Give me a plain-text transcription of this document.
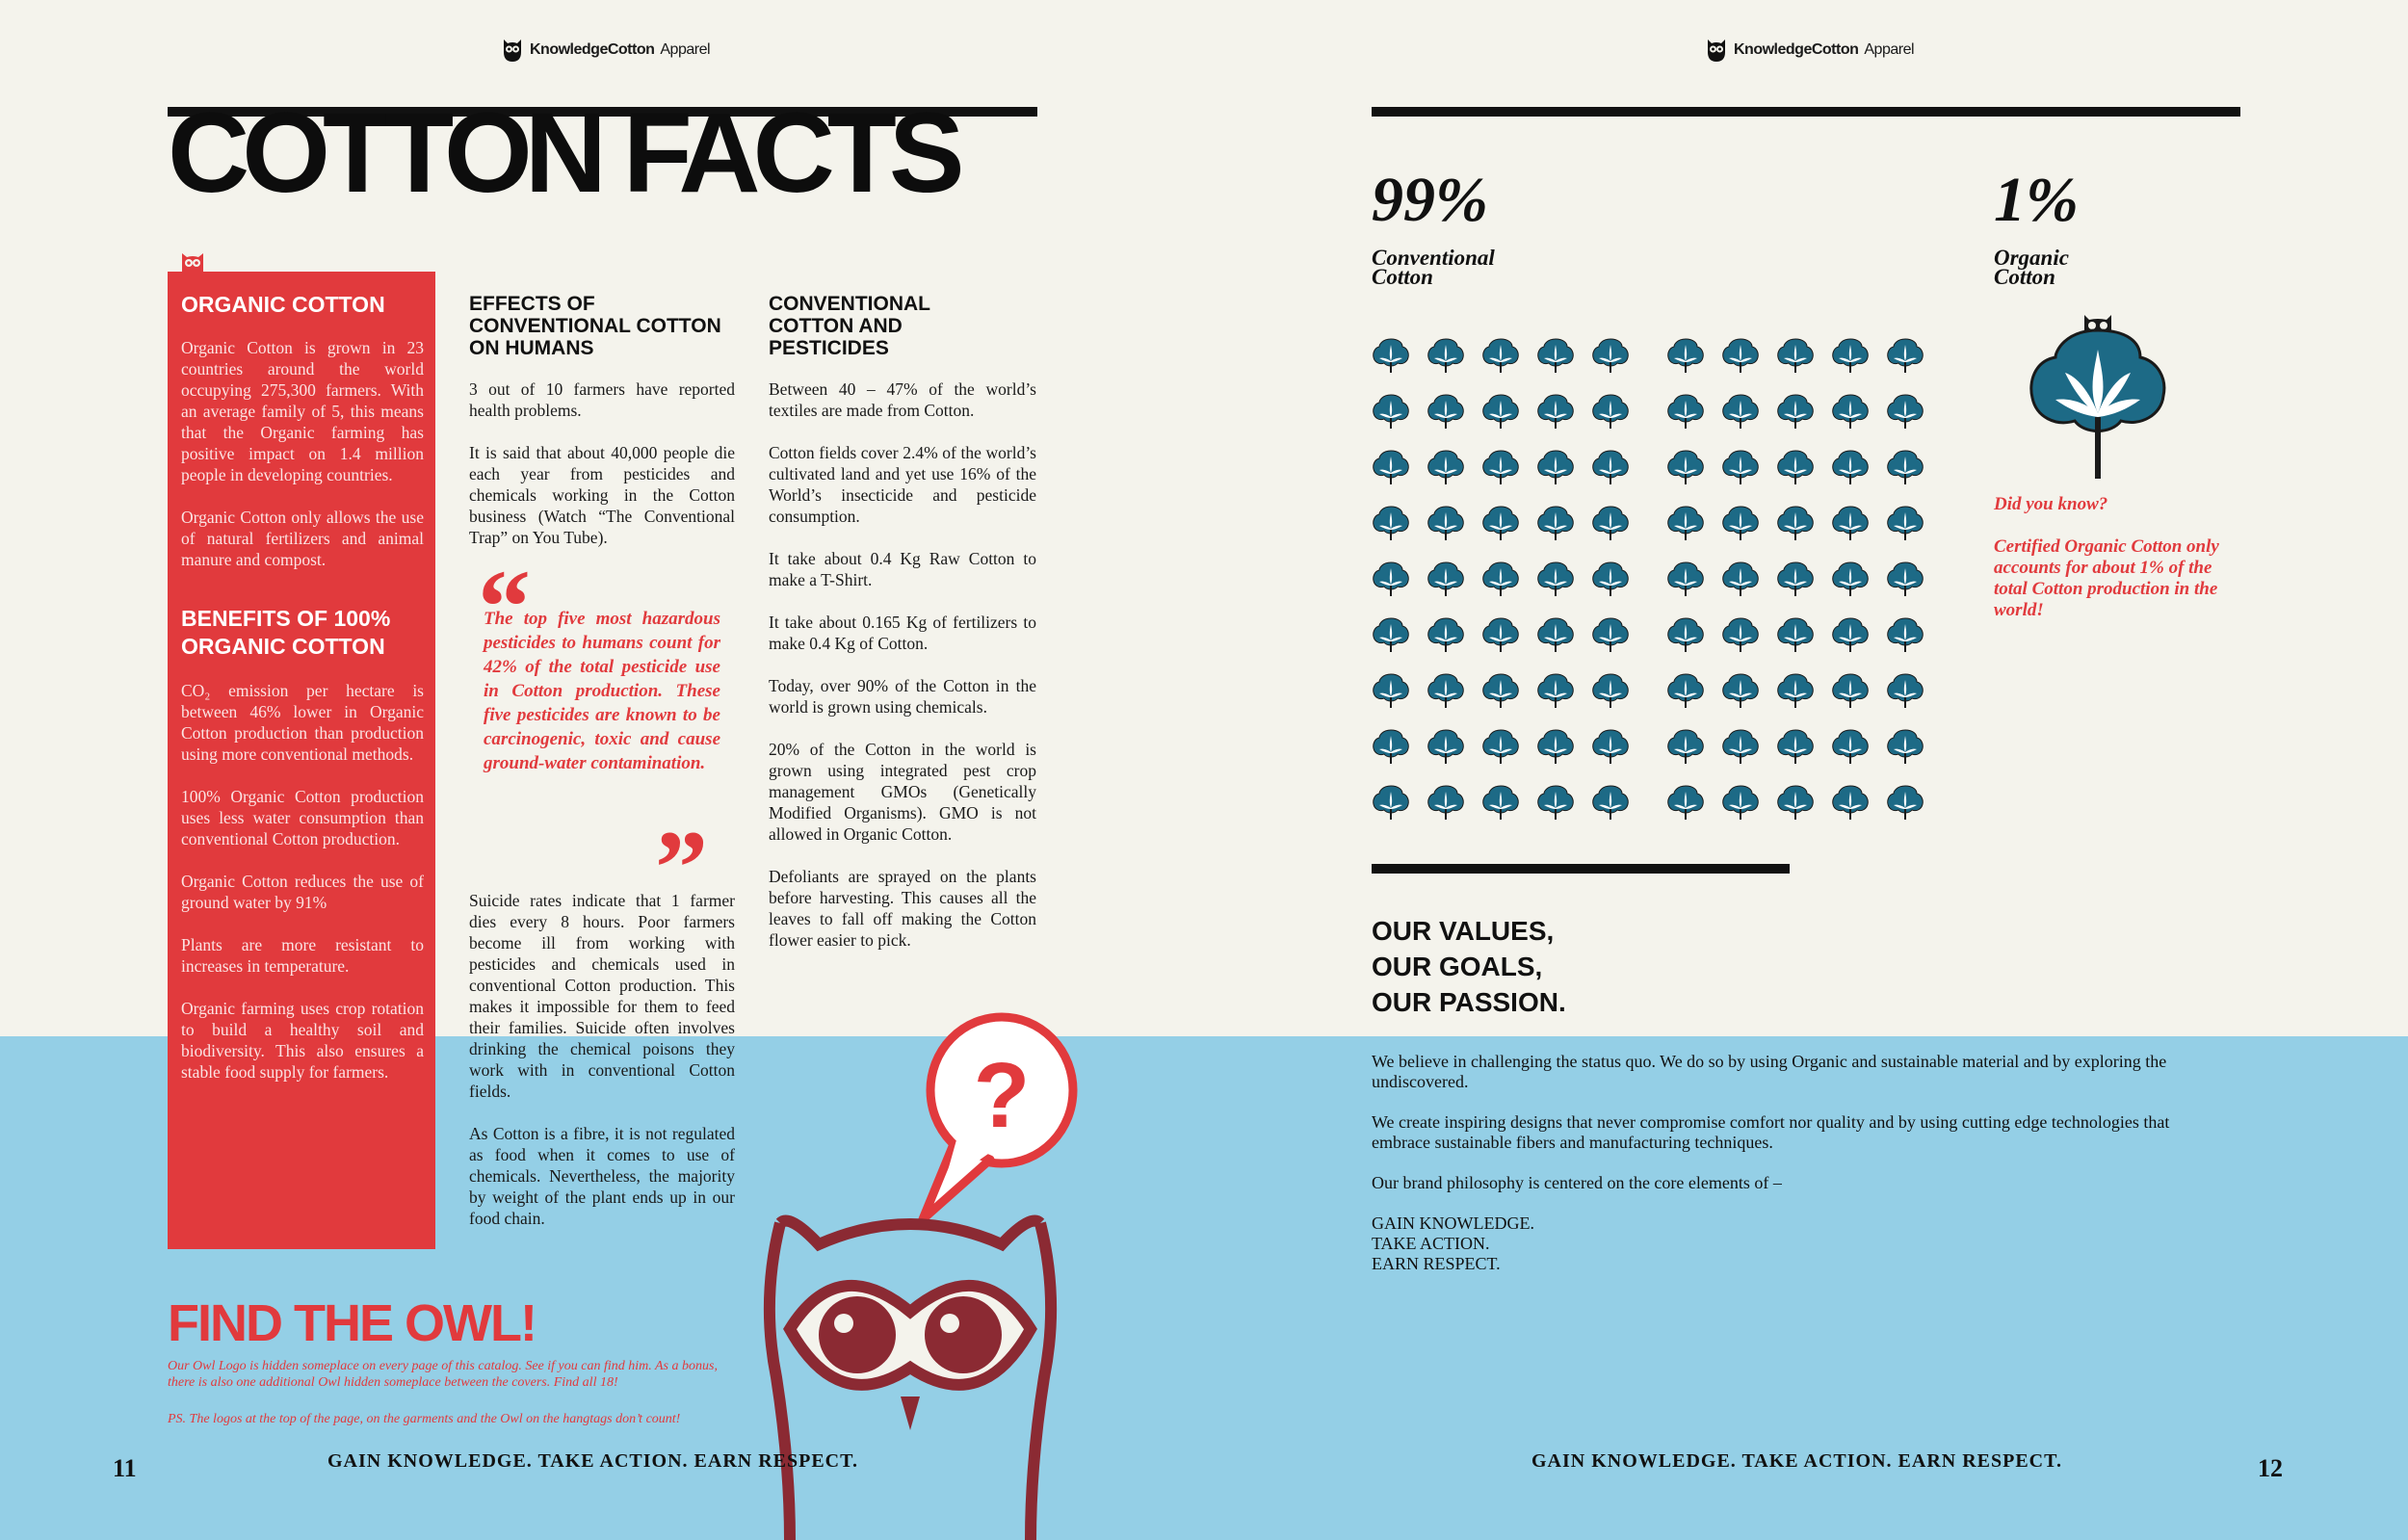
KnowledgeCotton Apparel
COTTON FACTS
ORGANIC COTTON

Organic Cotton is grown in 23 countries around the world occupying 275,300 farmers. With an average family of 5, this means that the Organic farming has positive impact on 1.4 million people in developing countries.

Organic Cotton only allows the use of natural fertilizers and animal manure and compost.

BENEFITS OF 100% ORGANIC COTTON

CO₂ emission per hectare is between 46% lower in Organic Cotton production than production using more conventional methods.

100% Organic Cotton production uses less water consumption than conventional Cotton production.

Organic Cotton reduces the use of ground water by 91%

Plants are more resistant to increases in temperature.

Organic farming uses crop rotation to build a healthy soil and biodiversity. This also ensures a stable food supply for farmers.

EFFECTS OF CONVENTIONAL COTTON ON HUMANS

3 out of 10 farmers have reported health problems.

It is said that about 40,000 people die each year from pesticides and chemicals working in the Cotton business (Watch “The Conventional Trap” on You Tube).

“
The top five most hazardous pesticides to humans count for 42% of the total pesticide use in Cotton production. These five pesticides are known to be carcinogenic, toxic and cause ground-water contamination.
”

Suicide rates indicate that 1 farmer dies every 8 hours. Poor farmers become ill from working with pesticides and chemicals used in conventional Cotton production. This makes it impossible for them to feed their families. Suicide often involves drinking the chemical poisons they work with in conventional Cotton fields.

As Cotton is a fibre, it is not regulated as food when it comes to use of chemicals. Nevertheless, the majority by weight of the plant ends up in our food chain.

CONVENTIONAL COTTON AND PESTICIDES

Between 40 – 47% of the world’s textiles are made from Cotton.

Cotton fields cover 2.4% of the world’s cultivated land and yet use 16% of the World’s insecticide and pesticide consumption.

It take about 0.4 Kg Raw Cotton to make a T-Shirt.

It take about 0.165 Kg of fertilizers to make 0.4 Kg of Cotton.

Today, over 90% of the Cotton in the world is grown using chemicals.

20% of the Cotton in the world is grown using integrated pest crop management GMOs (Genetically Modified Organisms). GMO is not allowed in Organic Cotton.

Defoliants are sprayed on the plants before harvesting. This causes all the leaves to fall off making the Cotton flower easier to pick.

?
FIND THE OWL!
Our Owl Logo is hidden someplace on every page of this catalog. See if you can find him. As a bonus, there is also one additional Owl hidden someplace between the covers. Find all 18!
PS. The logos at the top of the page, on the garments and the Owl on the hangtags don’t count!
11	GAIN KNOWLEDGE. TAKE ACTION. EARN RESPECT.
KnowledgeCotton Apparel
99%
Conventional
Cotton
1%
Organic
Cotton
Did you know?
Certified Organic Cotton only accounts for about 1% of the total Cotton production in the world!
OUR VALUES,
OUR GOALS,
OUR PASSION.

We believe in challenging the status quo. We do so by using Organic and sustainable material and by exploring the undiscovered.

We create inspiring designs that never compromise comfort nor quality and by using cutting edge technologies that embrace sustainable fibers and manufacturing techniques.

Our brand philosophy is centered on the core elements of –

GAIN KNOWLEDGE.
TAKE ACTION.
EARN RESPECT.
GAIN KNOWLEDGE. TAKE ACTION. EARN RESPECT.	12
